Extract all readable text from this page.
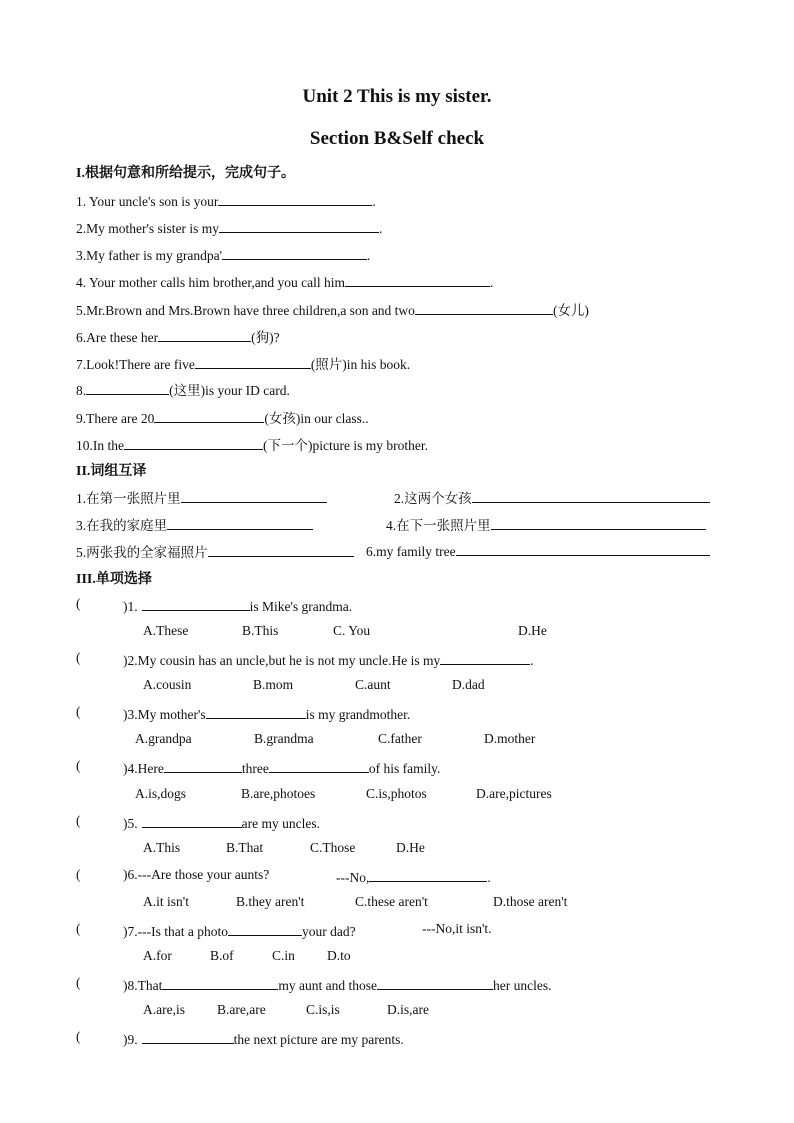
Unit 2 This is my sister.
Section B&Self check
I.根据句意和所给提示，完成句子。
1. Your uncle's son is your	.
2.My mother's sister is my	.
3.My father is my grandpa'	.
4. Your mother calls him brother,and you call him	.
5.Mr.Brown and Mrs.Brown have three children,a son and two	(女儿)
6.Are these her	(狗)?
7.Look!There are five	(照片)in his book.
8.	(这里)is your ID card.
9.There are 20	(女孩)in our class..
10.In the	(下一个)picture is my brother.
II.词组互译
1.在第一张照片里	2.这两个女孩
3.在我的家庭里	4.在下一张照片里
5.两张我的全家福照片	6.my family tree
III.单项选择
(	)1.	is Mike's grandma.
A.These	B.This	C. You	D.He
(	)2.My cousin has an uncle,but he is not my uncle.He is my	.
A.cousin	B.mom	C.aunt	D.dad
(	)3.My mother's	is my grandmother.
A.grandpa	B.grandma	C.father	D.mother
(	)4.Here	three	of his family.
A.is,dogs	B.are,photoes	C.is,photos	D.are,pictures
(	)5.	are my uncles.
A.This	B.That	C.Those	D.He
(	)6.---Are those your aunts?	---No,	.
A.it isn't	B.they aren't	C.these aren't	D.those aren't
(	)7.---Is that a photo	your dad?	---No,it isn't.
A.for	B.of	C.in D.to
(	)8.That	my aunt and those	her uncles.
A.are,is B.are,are	C.is,is	D.is,are
(	)9.	the next picture are my parents.
